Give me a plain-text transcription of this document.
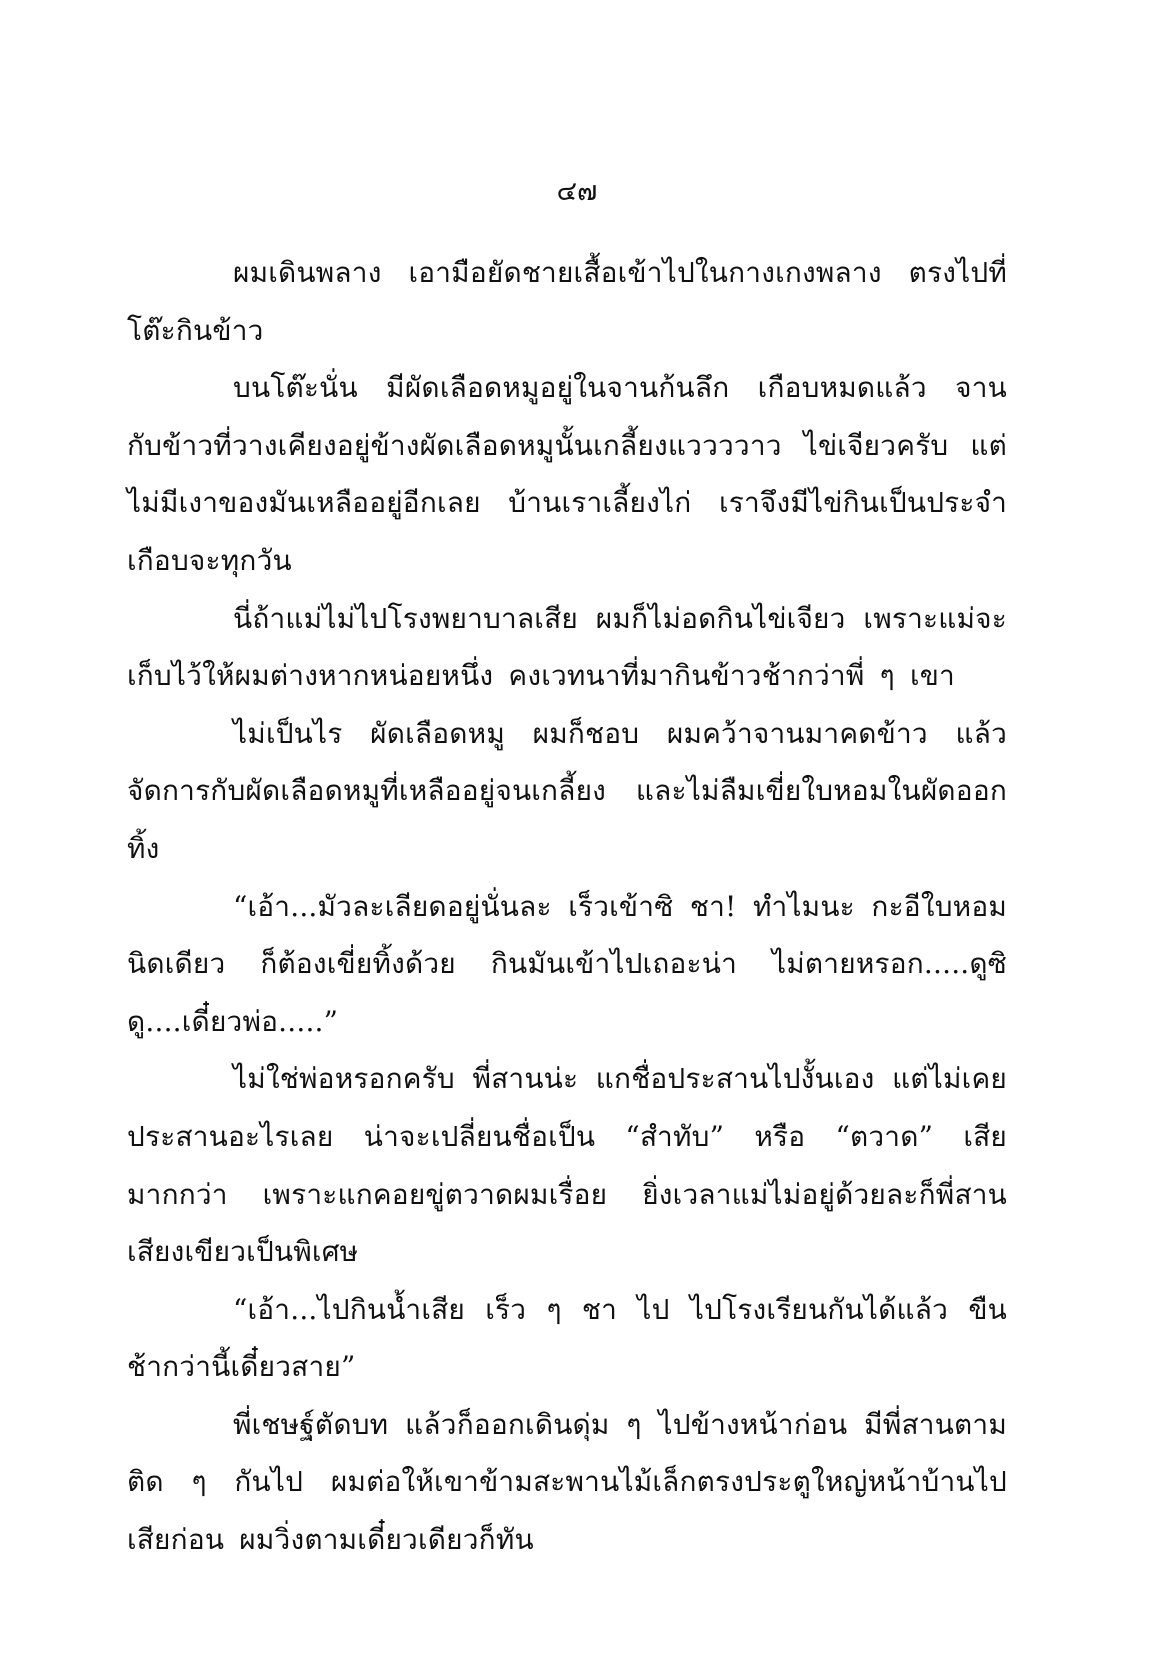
๔๗

ผมเดินพลาง เอามือยัดชายเสื้อเข้าไปในกางเกงพลาง ตรงไปที่โต๊ะกินข้าว

บนโต๊ะนั่น มีผัดเลือดหมูอยู่ในจานก้นลึก เกือบหมดแล้ว จานกับข้าวที่วางเคียงอยู่ข้างผัดเลือดหมูนั้นเกลี้ยงแววววาว ไข่เจียวครับ แต่ไม่มีเงาของมันเหลืออยู่อีกเลย บ้านเราเลี้ยงไก่ เราจึงมีไข่กินเป็นประจำเกือบจะทุกวัน

นี่ถ้าแม่ไม่ไปโรงพยาบาลเสีย ผมก็ไม่อดกินไข่เจียว เพราะแม่จะเก็บไว้ให้ผมต่างหากหน่อยหนึ่ง คงเวทนาที่มากินข้าวช้ากว่าพี่ ๆ เขา

ไม่เป็นไร ผัดเลือดหมู ผมก็ชอบ ผมคว้าจานมาคดข้าว แล้วจัดการกับผัดเลือดหมูที่เหลืออยู่จนเกลี้ยง และไม่ลืมเขี่ยใบหอมในผัดออกทิ้ง

“เอ้า...มัวละเลียดอยู่นั่นละ เร็วเข้าซิ ชา! ทำไมนะ กะอีใบหอมนิดเดียว ก็ต้องเขี่ยทิ้งด้วย กินมันเข้าไปเถอะน่า ไม่ตายหรอก.....ดูซิดู....เดี๋ยวพ่อ.....”

ไม่ใช่พ่อหรอกครับ พี่สานน่ะ แกชื่อประสานไปงั้นเอง แต่ไม่เคยประสานอะไรเลย น่าจะเปลี่ยนชื่อเป็น “สำทับ” หรือ “ตวาด” เสียมากกว่า เพราะแกคอยขู่ตวาดผมเรื่อย ยิ่งเวลาแม่ไม่อยู่ด้วยละก็พี่สานเสียงเขียวเป็นพิเศษ

“เอ้า...ไปกินน้ำเสีย เร็ว ๆ ชา ไป ไปโรงเรียนกันได้แล้ว ขืนช้ากว่านี้เดี๋ยวสาย”

พี่เชษฐ์ตัดบท แล้วก็ออกเดินดุ่ม ๆ ไปข้างหน้าก่อน มีพี่สานตามติด ๆ กันไป ผมต่อให้เขาข้ามสะพานไม้เล็กตรงประตูใหญ่หน้าบ้านไปเสียก่อน ผมวิ่งตามเดี๋ยวเดียวก็ทัน
